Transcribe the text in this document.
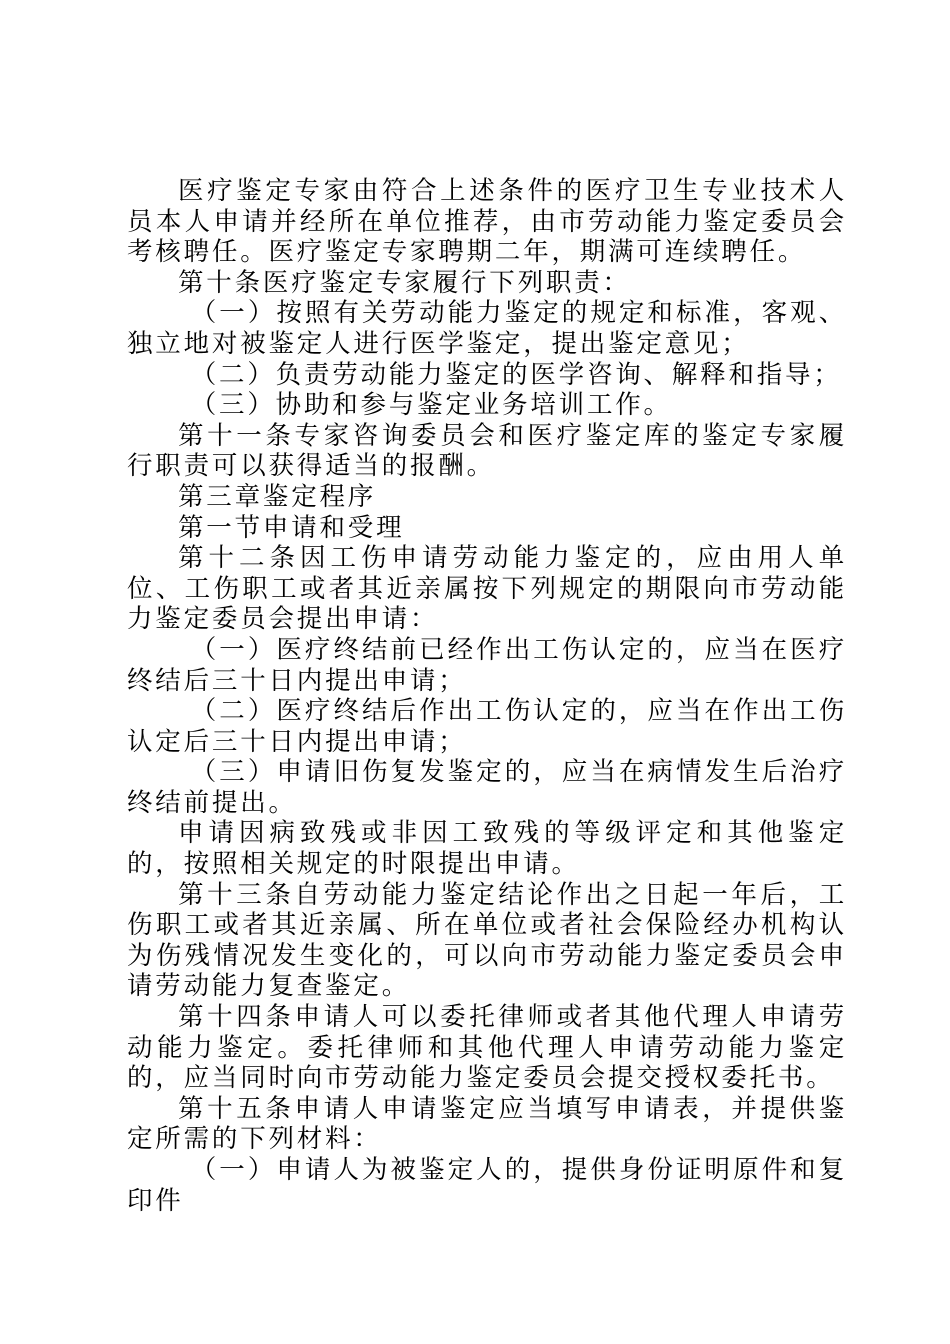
医疗鉴定专家由符合上述条件的医疗卫生专业技术人员本人申请并经所在单位推荐，由市劳动能力鉴定委员会考核聘任。医疗鉴定专家聘期二年，期满可连续聘任。

第十条医疗鉴定专家履行下列职责：

（一）按照有关劳动能力鉴定的规定和标准，客观、独立地对被鉴定人进行医学鉴定，提出鉴定意见；

（二）负责劳动能力鉴定的医学咨询、解释和指导；

（三）协助和参与鉴定业务培训工作。

第十一条专家咨询委员会和医疗鉴定库的鉴定专家履行职责可以获得适当的报酬。

第三章鉴定程序

第一节申请和受理

第十二条因工伤申请劳动能力鉴定的，应由用人单位、工伤职工或者其近亲属按下列规定的期限向市劳动能力鉴定委员会提出申请：

（一）医疗终结前已经作出工伤认定的，应当在医疗终结后三十日内提出申请；

（二）医疗终结后作出工伤认定的，应当在作出工伤认定后三十日内提出申请；

（三）申请旧伤复发鉴定的，应当在病情发生后治疗终结前提出。

申请因病致残或非因工致残的等级评定和其他鉴定的，按照相关规定的时限提出申请。

第十三条自劳动能力鉴定结论作出之日起一年后，工伤职工或者其近亲属、所在单位或者社会保险经办机构认为伤残情况发生变化的，可以向市劳动能力鉴定委员会申请劳动能力复查鉴定。

第十四条申请人可以委托律师或者其他代理人申请劳动能力鉴定。委托律师和其他代理人申请劳动能力鉴定的，应当同时向市劳动能力鉴定委员会提交授权委托书。

第十五条申请人申请鉴定应当填写申请表，并提供鉴定所需的下列材料：

（一）申请人为被鉴定人的，提供身份证明原件和复印件
